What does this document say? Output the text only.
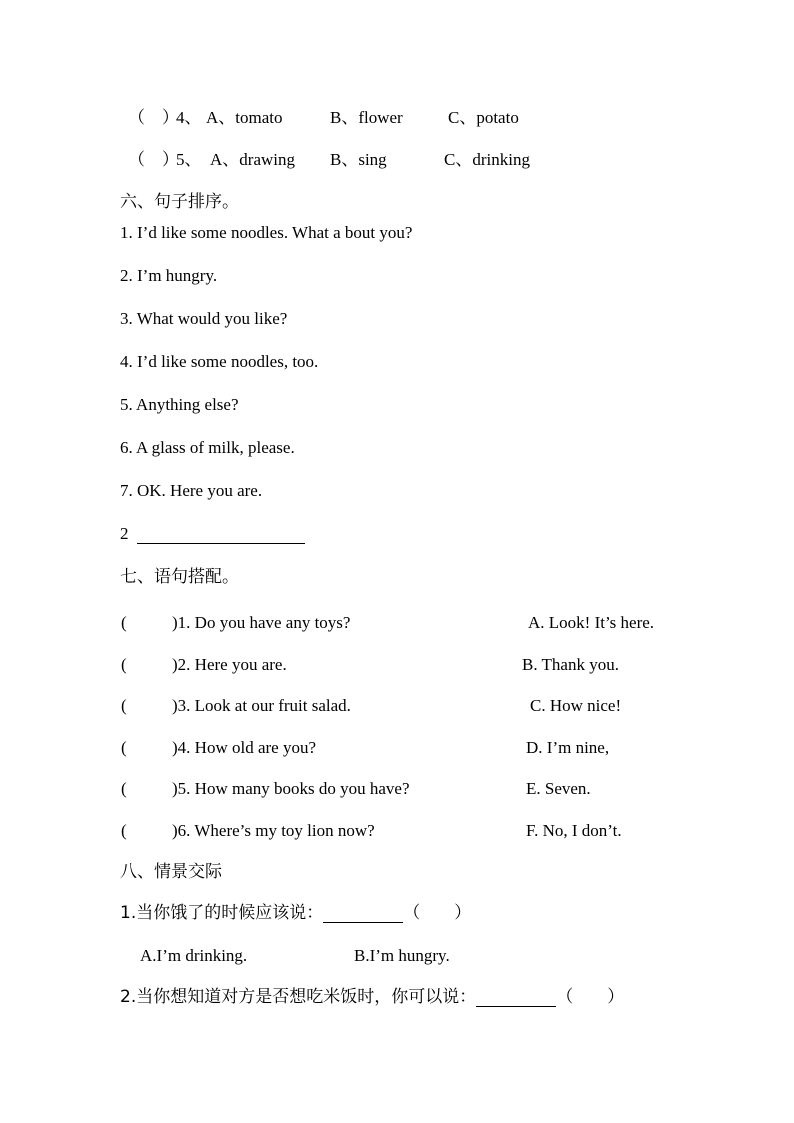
（　）
4、 A、tomato	B、flower	C、potato
（　）
5、 A、drawing B、sing	C、drinking
六、句子排序。
1. I’d like some noodles. What a bout you?
2. I’m hungry.
3. What would you like?
4. I’d like some noodles, too.
5. Anything else?
6. A glass of milk, please.
7. OK. Here you are.
2
七、语句搭配。
(	)1. Do you have any toys?	A. Look! It’s here.
(	)2. Here you are.	B. Thank you.
(	)3. Look at our fruit salad.	C. How nice!
(	)4. How old are you?	D. I’m nine,
(	)5. How many books do you have?	E. Seven.
(	)6. Where’s my toy lion now?	F. No, I don’t.
八、情景交际
1.当你饿了的时候应该说：	（　　）
A.I’m drinking.	B.I’m hungry.
2.当你想知道对方是否想吃米饭时，你可以说：	（　　）
